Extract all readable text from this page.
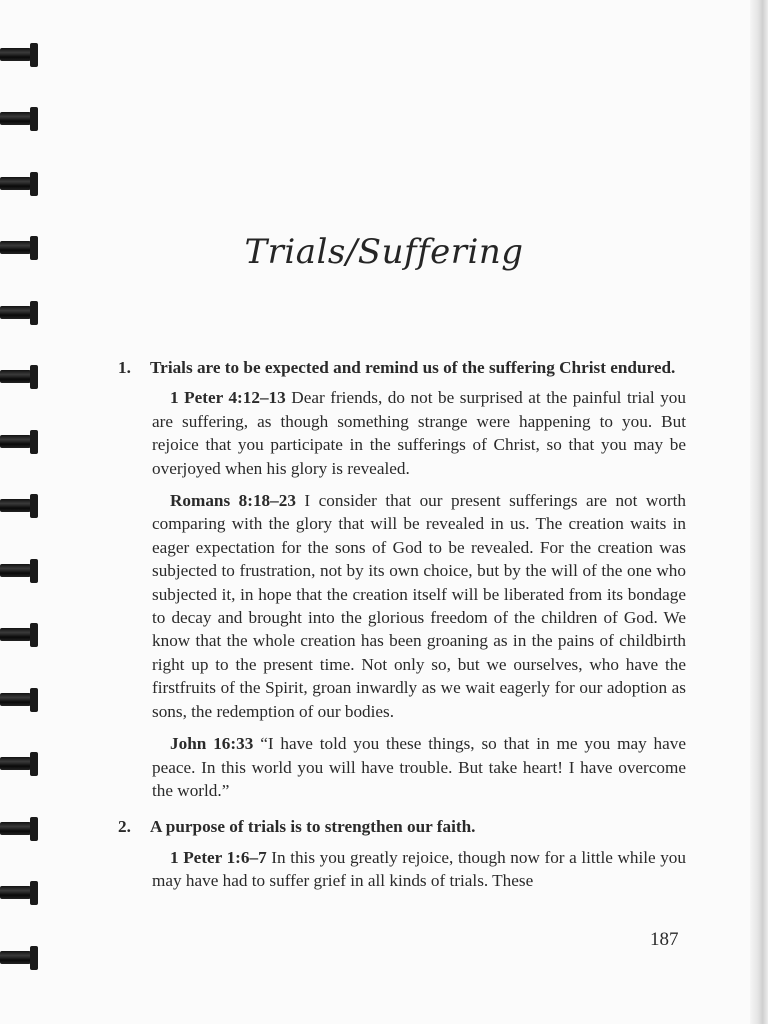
Trials/Suffering
1. Trials are to be expected and remind us of the suffering Christ endured.

1 Peter 4:12–13 Dear friends, do not be surprised at the painful trial you are suffering, as though something strange were happening to you. But rejoice that you participate in the sufferings of Christ, so that you may be overjoyed when his glory is revealed.

Romans 8:18–23 I consider that our present sufferings are not worth comparing with the glory that will be revealed in us. The creation waits in eager expectation for the sons of God to be revealed. For the creation was subjected to frustration, not by its own choice, but by the will of the one who subjected it, in hope that the creation itself will be liberated from its bondage to decay and brought into the glorious freedom of the children of God. We know that the whole creation has been groaning as in the pains of childbirth right up to the present time. Not only so, but we ourselves, who have the firstfruits of the Spirit, groan inwardly as we wait eagerly for our adoption as sons, the redemption of our bodies.

John 16:33 “I have told you these things, so that in me you may have peace. In this world you will have trouble. But take heart! I have overcome the world.”

2. A purpose of trials is to strengthen our faith.

1 Peter 1:6–7 In this you greatly rejoice, though now for a little while you may have had to suffer grief in all kinds of trials. These

187
